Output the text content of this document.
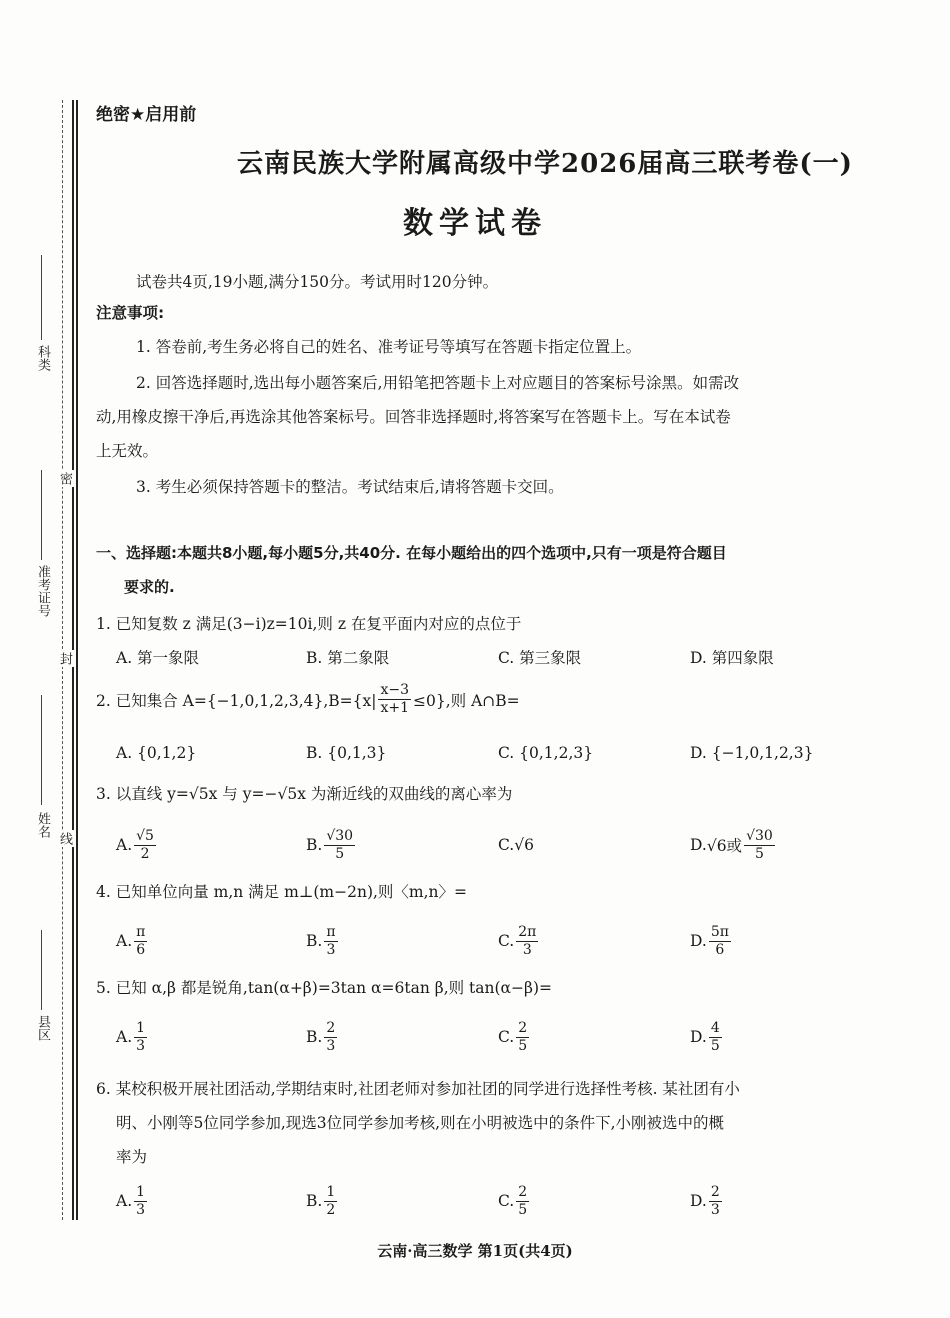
科类
准考证号
姓名
县区
密
封
线
绝密★启用前
云南民族大学附属高级中学2026届高三联考卷(一)
数学试卷
试卷共4页,19小题,满分150分。考试用时120分钟。
注意事项:
1. 答卷前,考生务必将自己的姓名、准考证号等填写在答题卡指定位置上。
2. 回答选择题时,选出每小题答案后,用铅笔把答题卡上对应题目的答案标号涂黑。如需改
动,用橡皮擦干净后,再选涂其他答案标号。回答非选择题时,将答案写在答题卡上。写在本试卷
上无效。
3. 考生必须保持答题卡的整洁。考试结束后,请将答题卡交回。
一、选择题:本题共8小题,每小题5分,共40分. 在每小题给出的四个选项中,只有一项是符合题目
要求的.
1. 已知复数 z 满足(3−i)z=10i,则 z 在复平面内对应的点位于
A. 第一象限	B. 第二象限	C. 第三象限	D. 第四象限
2. 已知集合 $A=\{-1,0,1,2,3,4\},B=\{x| \frac{x-3}{x+1} \le 0\}$,则 A∩B=
A. {0,1,2}	B. {0,1,3}	C. {0,1,2,3}	D. {−1,0,1,2,3}
3. 以直线 y=√5x 与 y=−√5x 为渐近线的双曲线的离心率为
A. $\frac{√5}{2}$	B. $\frac{√30}{5}$	C. √6	D. √6或 $\frac{√30}{5}$
4. 已知单位向量 m,n 满足 m⊥(m−2n),则〈m,n〉=
A. $\frac{\pi}{6}$	B. $\frac{\pi}{3}$	C. $\frac{2\pi}{3}$	D. $\frac{5\pi}{6}$
5. 已知 α,β 都是锐角,tan(α+β)=3tan α=6tan β,则 tan(α−β)=
A. $\frac{1}{3}$	B. $\frac{2}{3}$	C. $\frac{2}{5}$	D. $\frac{4}{5}$
6. 某校积极开展社团活动,学期结束时,社团老师对参加社团的同学进行选择性考核. 某社团有小
明、小刚等5位同学参加,现选3位同学参加考核,则在小明被选中的条件下,小刚被选中的概
率为
A. $\frac{1}{3}$	B. $\frac{1}{2}$	C. $\frac{2}{5}$	D. $\frac{2}{3}$
云南·高三数学 第1页(共4页)
